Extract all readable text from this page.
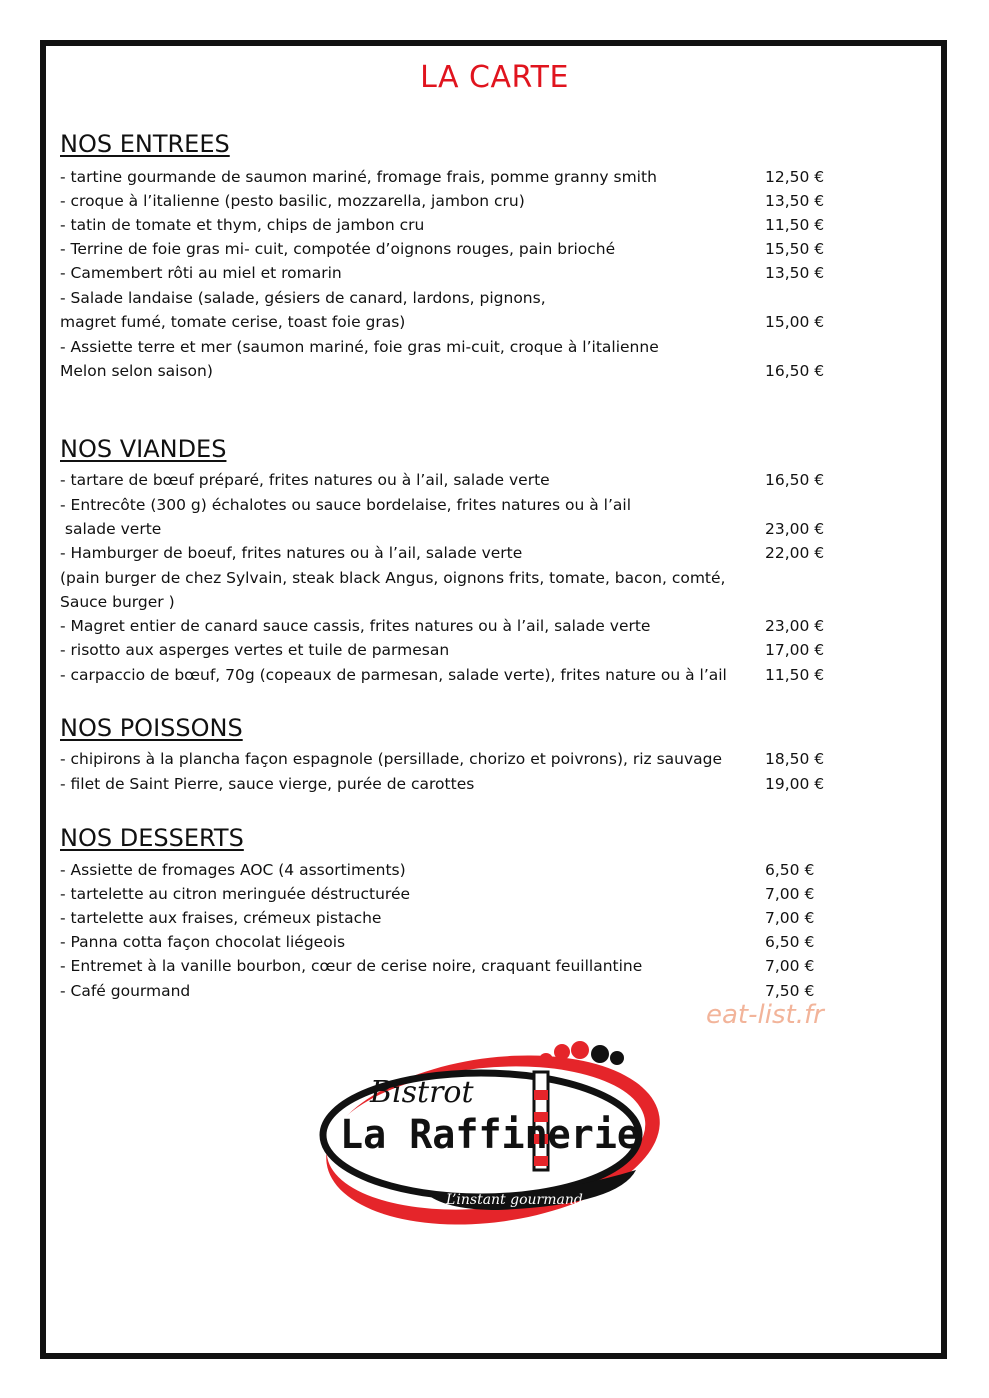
LA CARTE
NOS ENTREES
- tartine gourmande de saumon mariné, fromage frais, pomme granny smith
- croque à l’italienne (pesto basilic, mozzarella, jambon cru)
- tatin de tomate et thym, chips de jambon cru
- Terrine de foie gras mi- cuit, compotée d’oignons rouges, pain brioché
- Camembert rôti au miel et romarin
- Salade landaise (salade, gésiers de canard, lardons, pignons,
magret fumé, tomate cerise, toast foie gras)
- Assiette terre et mer (saumon mariné, foie gras mi-cuit, croque à l’italienne
Melon selon saison)
12,50 €
13,50 €
11,50 €
15,50 €
13,50 €
15,00 €
16,50 €
NOS VIANDES
- tartare de bœuf préparé, frites natures ou à l’ail, salade verte
- Entrecôte (300 g) échalotes ou sauce bordelaise, frites natures ou à l’ail
salade verte
- Hamburger de boeuf, frites natures ou à l’ail, salade verte
(pain burger de chez Sylvain, steak black Angus, oignons frits, tomate, bacon, comté,
Sauce burger )
- Magret entier de canard sauce cassis, frites natures ou à l’ail, salade verte
- risotto aux asperges vertes et tuile de parmesan
- carpaccio de bœuf, 70g (copeaux de parmesan, salade verte), frites nature ou à l’ail
16,50 €
23,00 €
22,00 €
23,00 €
17,00 €
11,50 €
NOS POISSONS
- chipirons à la plancha façon espagnole (persillade, chorizo et poivrons), riz sauvage
- filet de Saint Pierre, sauce vierge, purée de carottes
18,50 €
19,00 €
NOS DESSERTS
- Assiette de fromages AOC (4 assortiments)
- tartelette au citron meringuée déstructurée
- tartelette aux fraises, crémeux pistache
- Panna cotta façon chocolat liégeois
- Entremet à la vanille bourbon, cœur de cerise noire, craquant feuillantine
- Café gourmand
6,50 €
7,00 €
7,00 €
6,50 €
7,00 €
7,50 €
eat-list.fr
Bistrot
La Raffinerie
L’instant gourmand...
